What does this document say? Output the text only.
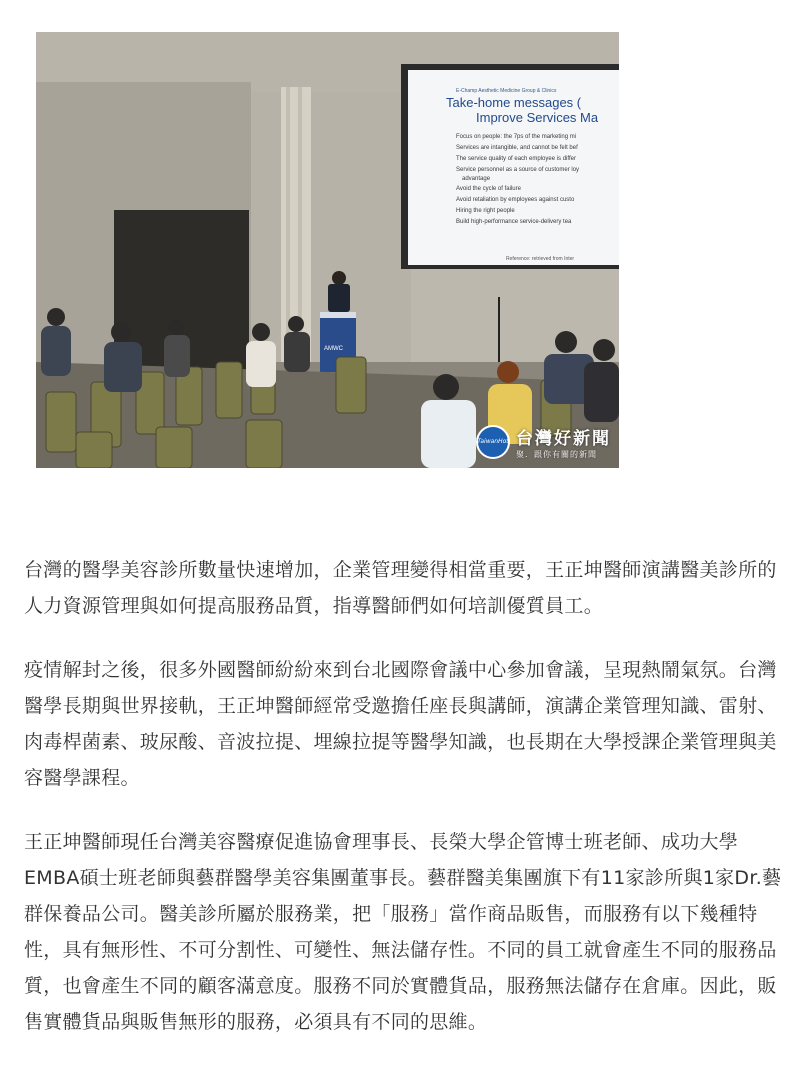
E-Champ Aesthetic Medicine Group & Clinics
Take-home messages (
Improve Services Ma
Focus on people: the 7ps of the marketing mi
Services are intangible, and cannot be felt bef
The service quality of each employee is differ
Service personnel as a source of customer loy
advantage
Avoid the cycle of failure
Avoid retaliation by employees against custo
Hiring the right people
Build high-performance service-delivery tea
Reference: retrieved from Inter
AMWC
TaiwanHot 台灣好新聞
聚．跟你有關的新聞

台灣的醫學美容診所數量快速增加，企業管理變得相當重要，王正坤醫師演講醫美診所的人力資源管理與如何提高服務品質，指導醫師們如何培訓優質員工。

疫情解封之後，很多外國醫師紛紛來到台北國際會議中心參加會議，呈現熱鬧氣氛。台灣醫學長期與世界接軌，王正坤醫師經常受邀擔任座長與講師，演講企業管理知識、雷射、肉毒桿菌素、玻尿酸、音波拉提、埋線拉提等醫學知識，也長期在大學授課企業管理與美容醫學課程。

王正坤醫師現任台灣美容醫療促進協會理事長、長榮大學企管博士班老師、成功大學EMBA碩士班老師與藝群醫學美容集團董事長。藝群醫美集團旗下有11家診所與1家Dr.藝群保養品公司。醫美診所屬於服務業，把「服務」當作商品販售，而服務有以下幾種特性，具有無形性、不可分割性、可變性、無法儲存性。不同的員工就會產生不同的服務品質，也會產生不同的顧客滿意度。服務不同於實體貨品，服務無法儲存在倉庫。因此，販售實體貨品與販售無形的服務，必須具有不同的思維。
